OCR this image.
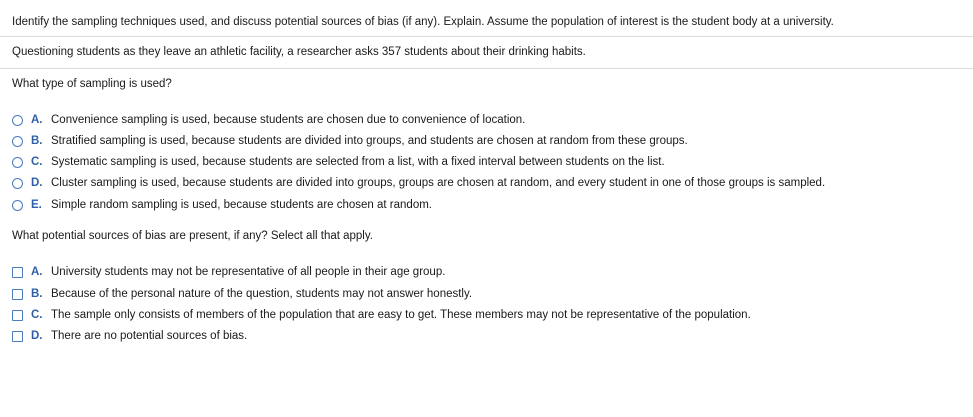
Identify the sampling techniques used, and discuss potential sources of bias (if any). Explain. Assume the population of interest is the student body at a university.
Questioning students as they leave an athletic facility, a researcher asks 357 students about their drinking habits.
What type of sampling is used?
A. Convenience sampling is used, because students are chosen due to convenience of location.
B. Stratified sampling is used, because students are divided into groups, and students are chosen at random from these groups.
C. Systematic sampling is used, because students are selected from a list, with a fixed interval between students on the list.
D. Cluster sampling is used, because students are divided into groups, groups are chosen at random, and every student in one of those groups is sampled.
E. Simple random sampling is used, because students are chosen at random.
What potential sources of bias are present, if any? Select all that apply.
A. University students may not be representative of all people in their age group.
B. Because of the personal nature of the question, students may not answer honestly.
C. The sample only consists of members of the population that are easy to get. These members may not be representative of the population.
D. There are no potential sources of bias.
